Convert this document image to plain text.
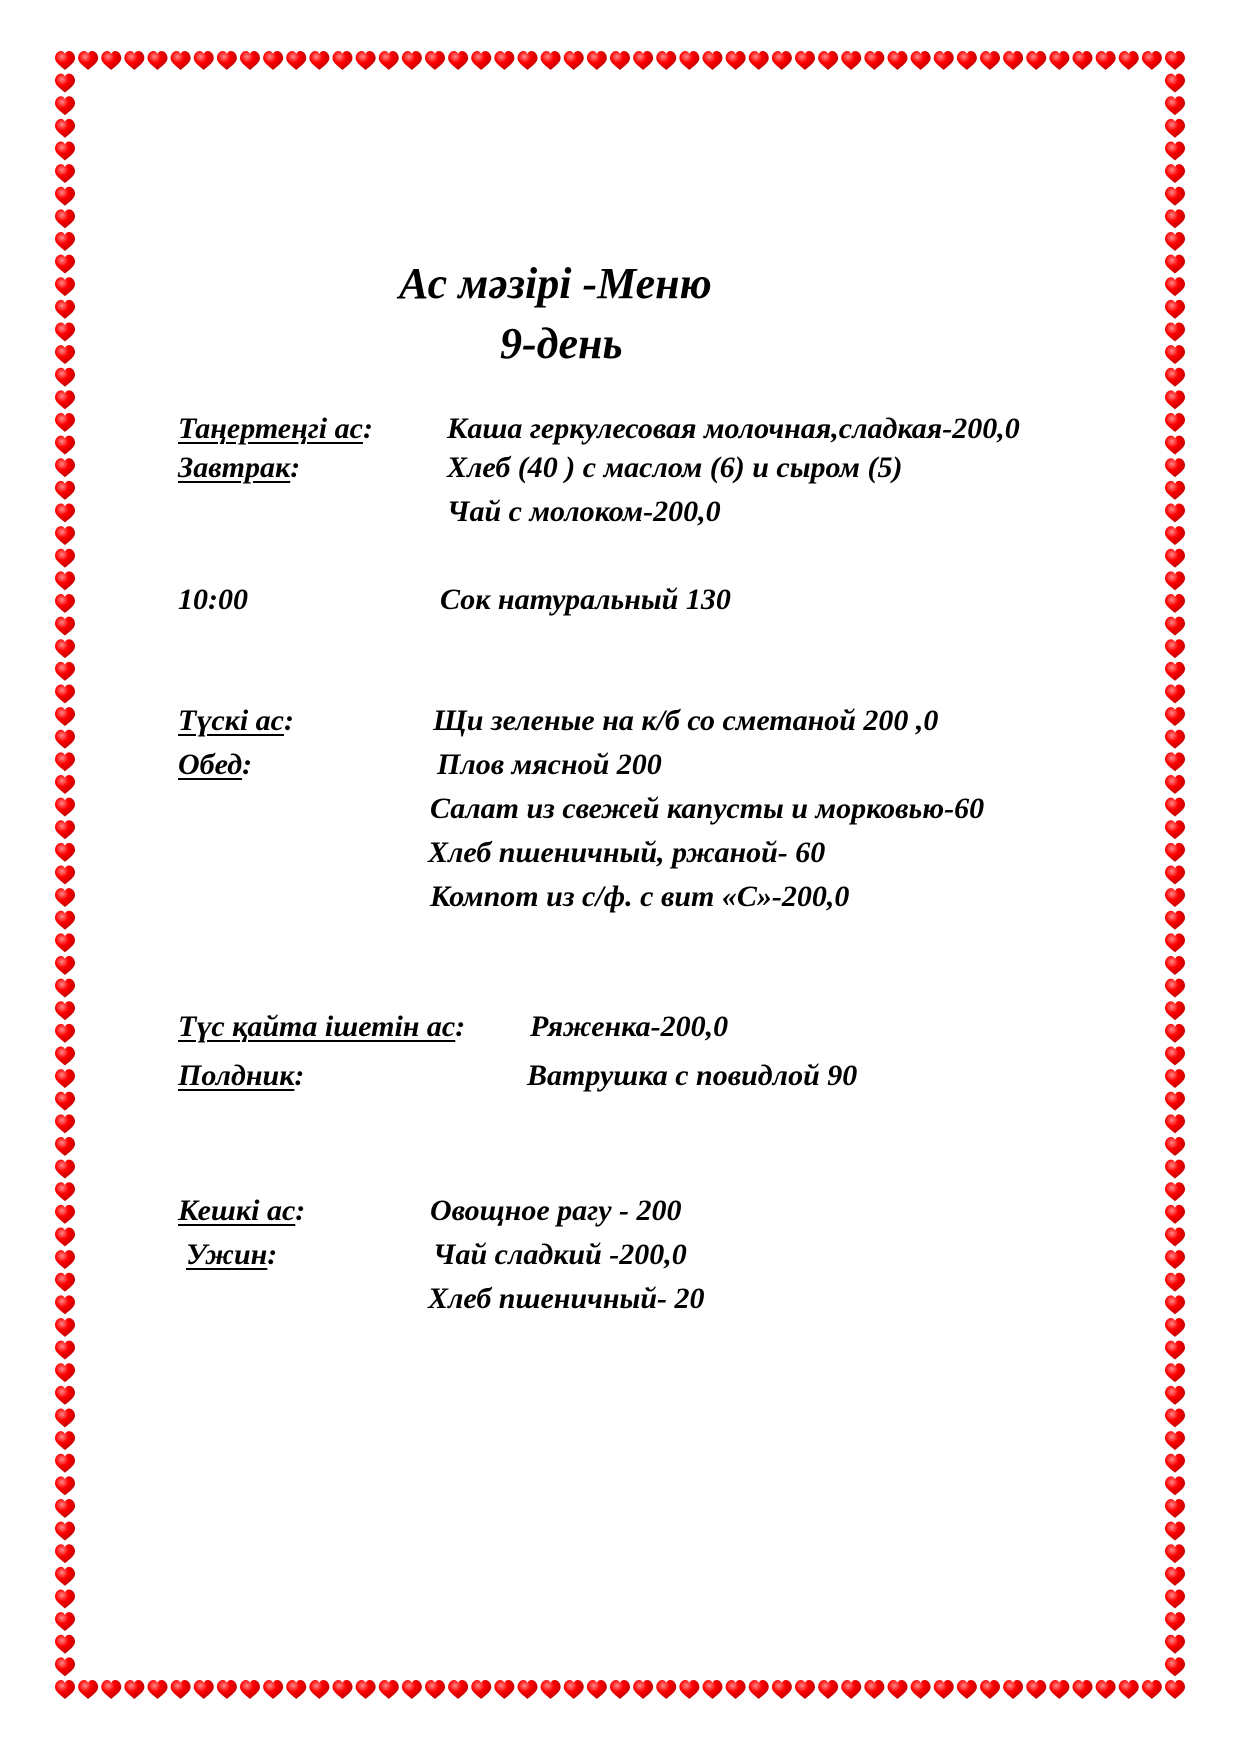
Ас мәзірі -Меню
9-день
Таңертеңгі ас:
Завтрак:
Каша геркулесовая молочная,сладкая-200,0
Хлеб (40 ) с маслом (6) и сыром (5)
Чай с молоком-200,0
10:00	Сок натуральный 130
Түскі ас:
Обед:
Щи зеленые на к/б со сметаной 200 ,0
Плов мясной 200
Салат из свежей капусты и морковью-60
Хлеб пшеничный, ржаной- 60
Компот из с/ф. с вит «С»-200,0
Түс қайта ішетін ас:
Полдник:
Ряженка-200,0
Ватрушка с повидлой 90
Кешкі ас:
Ужин:
Овощное рагу - 200
Чай сладкий -200,0
Хлеб пшеничный- 20
